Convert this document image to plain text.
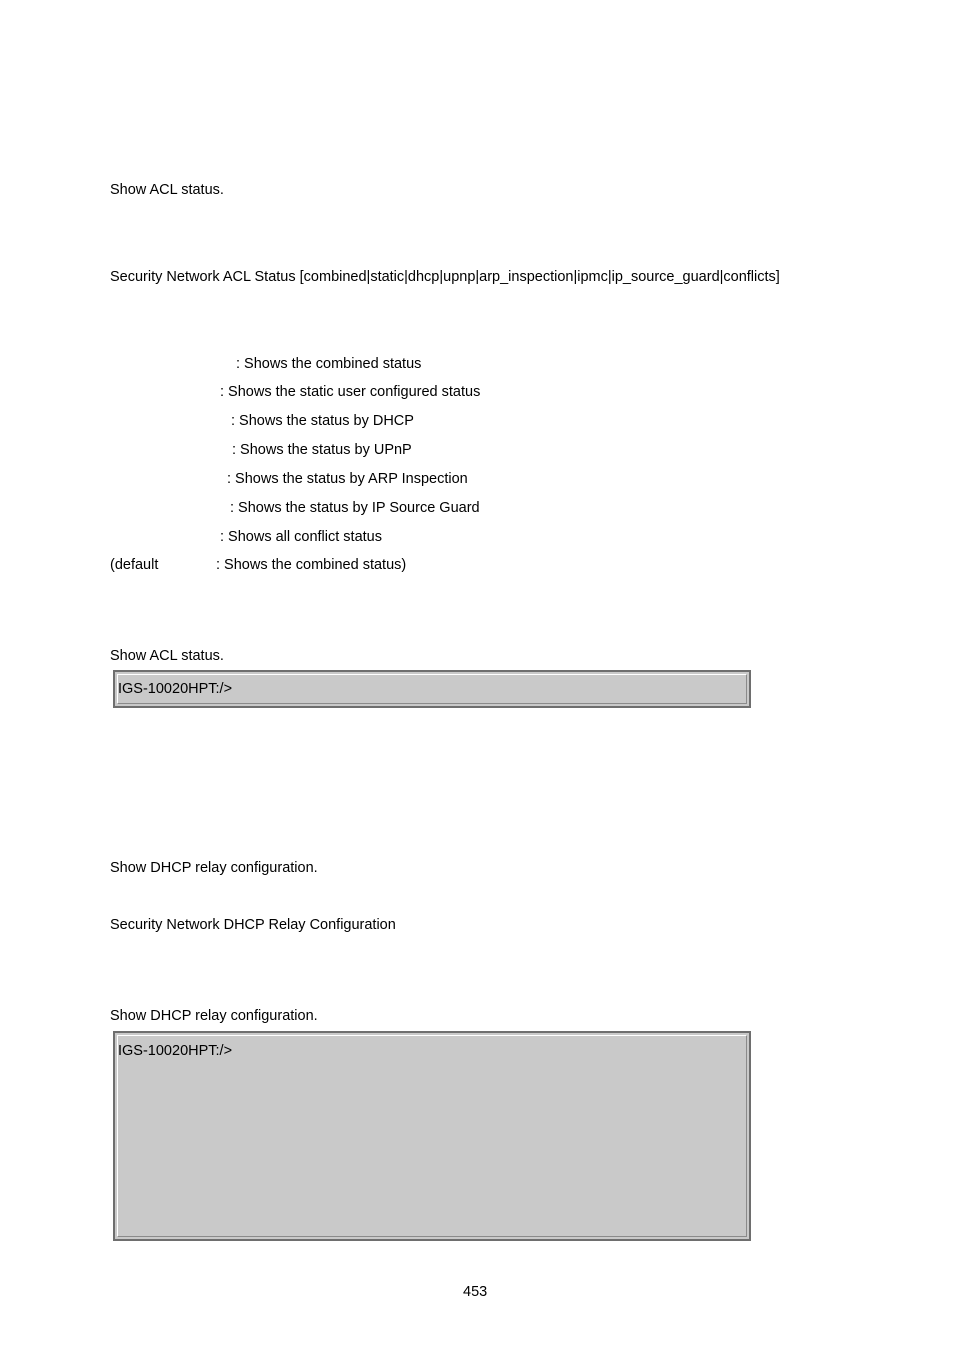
Show ACL status.
Security Network ACL Status [combined|static|dhcp|upnp|arp_inspection|ipmc|ip_source_guard|conflicts]
: Shows the combined status
: Shows the static user configured status
: Shows the status by DHCP
: Shows the status by UPnP
: Shows the status by ARP Inspection
: Shows the status by IP Source Guard
: Shows all conflict status
(default	: Shows the combined status)
Show ACL status.
IGS-10020HPT:/>
Show DHCP relay configuration.
Security Network DHCP Relay Configuration
Show DHCP relay configuration.
IGS-10020HPT:/>
453
